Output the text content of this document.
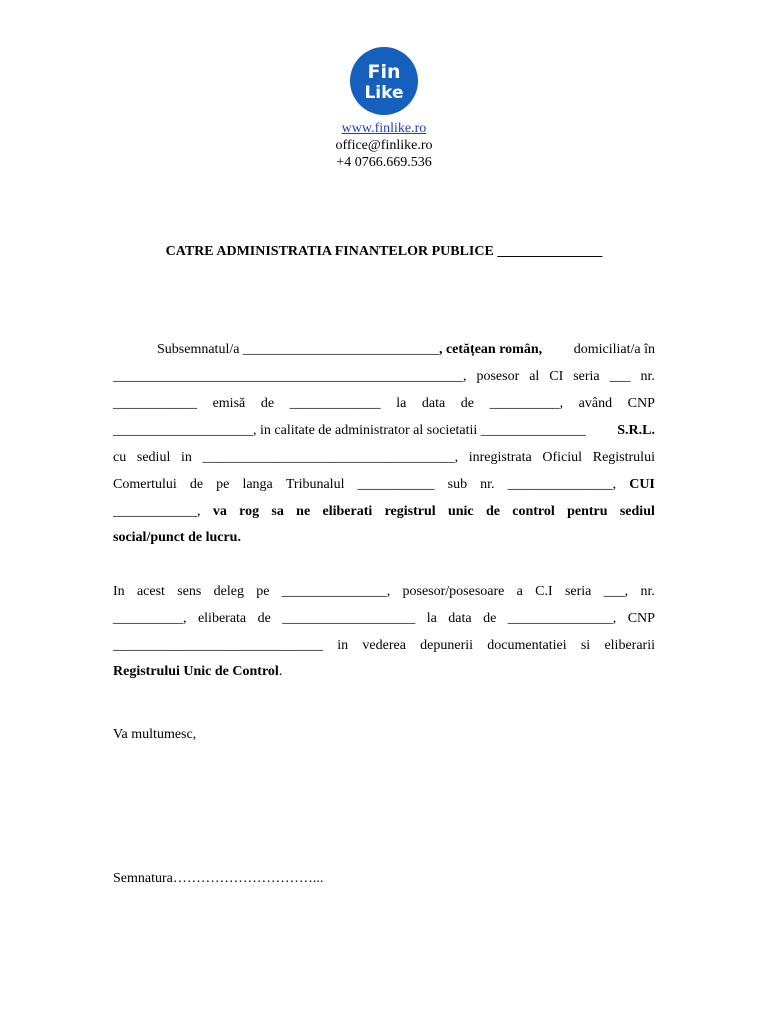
Fin
Like
www.finlike.ro
office@finlike.ro
+4 0766.669.536
CATRE ADMINISTRATIA FINANTELOR PUBLICE _______________
Subsemnatul/a ____________________________, cetățean român, domiciliat/a în
__________________________________________________, posesor al CI seria ___ nr.
____________ emisă de _____________ la data de __________, având CNP
____________________, in calitate de administrator al societatii _______________ S.R.L.
cu sediul in ____________________________________, inregistrata Oficiul Registrului
Comertului de pe langa Tribunalul ___________ sub nr. _______________, CUI
____________, va rog sa ne eliberati registrul unic de control pentru sediul
social/punct de lucru.
In acest sens deleg pe _______________, posesor/posesoare a C.I seria ___, nr.
__________, eliberata de ___________________ la data de _______________, CNP
______________________________ in vederea depunerii documentatiei si eliberarii
Registrului Unic de Control.
Va multumesc,
Semnatura…………………………...
